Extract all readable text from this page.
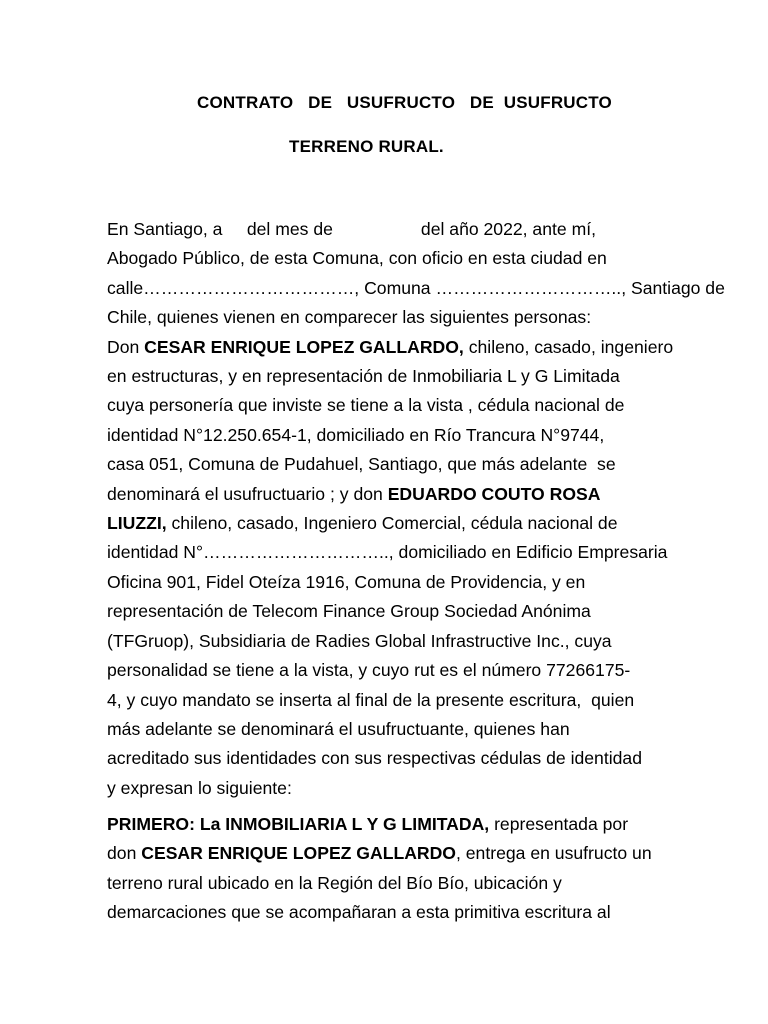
CONTRATO   DE   USUFRUCTO   DE  USUFRUCTO
TERRENO RURAL.
En Santiago, a     del mes de                  del año 2022, ante mí,
Abogado Público, de esta Comuna, con oficio en esta ciudad en
calle………………………………, Comuna ………………………….., Santiago de
Chile, quienes vienen en comparecer las siguientes personas:
Don CESAR ENRIQUE LOPEZ GALLARDO, chileno, casado, ingeniero
en estructuras, y en representación de Inmobiliaria L y G Limitada
cuya personería que inviste se tiene a la vista , cédula nacional de
identidad N°12.250.654-1, domiciliado en Río Trancura N°9744,
casa 051, Comuna de Pudahuel, Santiago, que más adelante  se
denominará el usufructuario ; y don EDUARDO COUTO ROSA
LIUZZI, chileno, casado, Ingeniero Comercial, cédula nacional de
identidad N°………………………….., domiciliado en Edificio Empresaria
Oficina 901, Fidel Oteíza 1916, Comuna de Providencia, y en
representación de Telecom Finance Group Sociedad Anónima
(TFGruop), Subsidiaria de Radies Global Infrastructive Inc., cuya
personalidad se tiene a la vista, y cuyo rut es el número 77266175-
4, y cuyo mandato se inserta al final de la presente escritura,  quien
más adelante se denominará el usufructuante, quienes han
acreditado sus identidades con sus respectivas cédulas de identidad
y expresan lo siguiente:
PRIMERO: La INMOBILIARIA L Y G LIMITADA, representada por
don CESAR ENRIQUE LOPEZ GALLARDO, entrega en usufructo un
terreno rural ubicado en la Región del Bío Bío, ubicación y
demarcaciones que se acompañaran a esta primitiva escritura al
